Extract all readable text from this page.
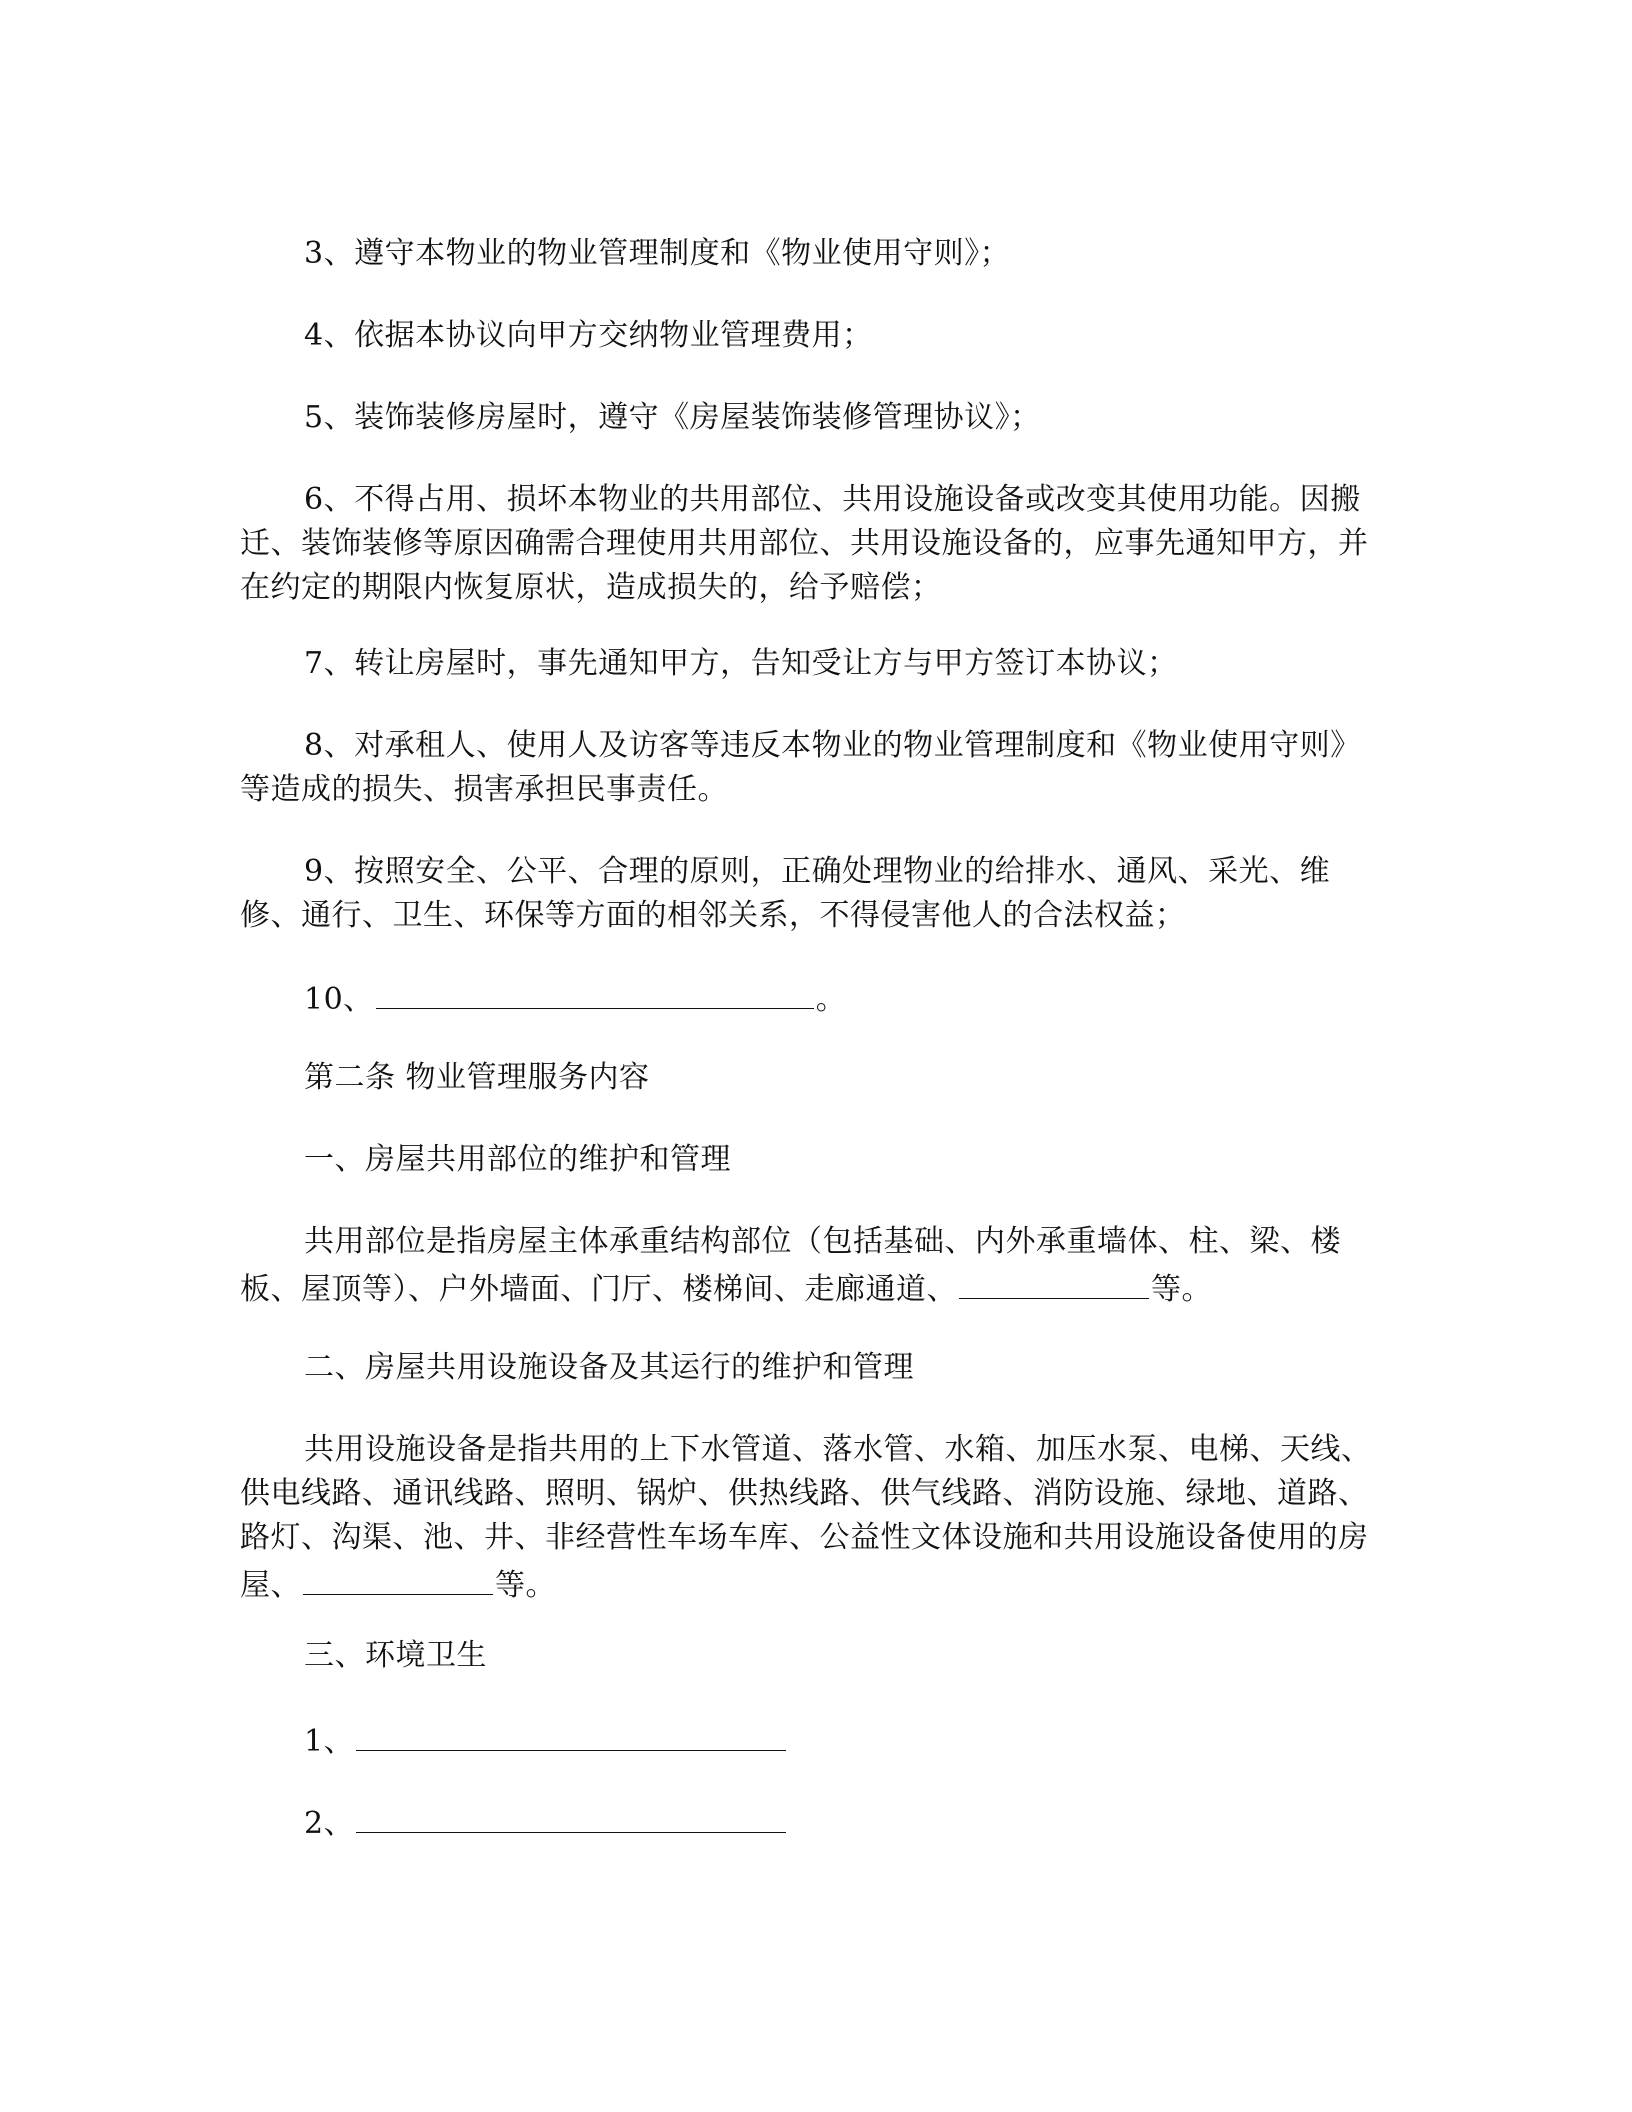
3、遵守本物业的物业管理制度和《物业使用守则》；

4、依据本协议向甲方交纳物业管理费用；

5、装饰装修房屋时，遵守《房屋装饰装修管理协议》；

6、不得占用、损坏本物业的共用部位、共用设施设备或改变其使用功能。因搬迁、装饰装修等原因确需合理使用共用部位、共用设施设备的，应事先通知甲方，并在约定的期限内恢复原状，造成损失的，给予赔偿；

7、转让房屋时，事先通知甲方，告知受让方与甲方签订本协议；

8、对承租人、使用人及访客等违反本物业的物业管理制度和《物业使用守则》等造成的损失、损害承担民事责任。

9、按照安全、公平、合理的原则，正确处理物业的给排水、通风、采光、维修、通行、卫生、环保等方面的相邻关系，不得侵害他人的合法权益；

10、	。

第二条 物业管理服务内容

一、房屋共用部位的维护和管理

共用部位是指房屋主体承重结构部位（包括基础、内外承重墙体、柱、梁、楼板、屋顶等）、户外墙面、门厅、楼梯间、走廊通道、	等。

二、房屋共用设施设备及其运行的维护和管理

共用设施设备是指共用的上下水管道、落水管、水箱、加压水泵、电梯、天线、供电线路、通讯线路、照明、锅炉、供热线路、供气线路、消防设施、绿地、道路、路灯、沟渠、池、井、非经营性车场车库、公益性文体设施和共用设施设备使用的房屋、	等。

三、环境卫生

1、

2、
